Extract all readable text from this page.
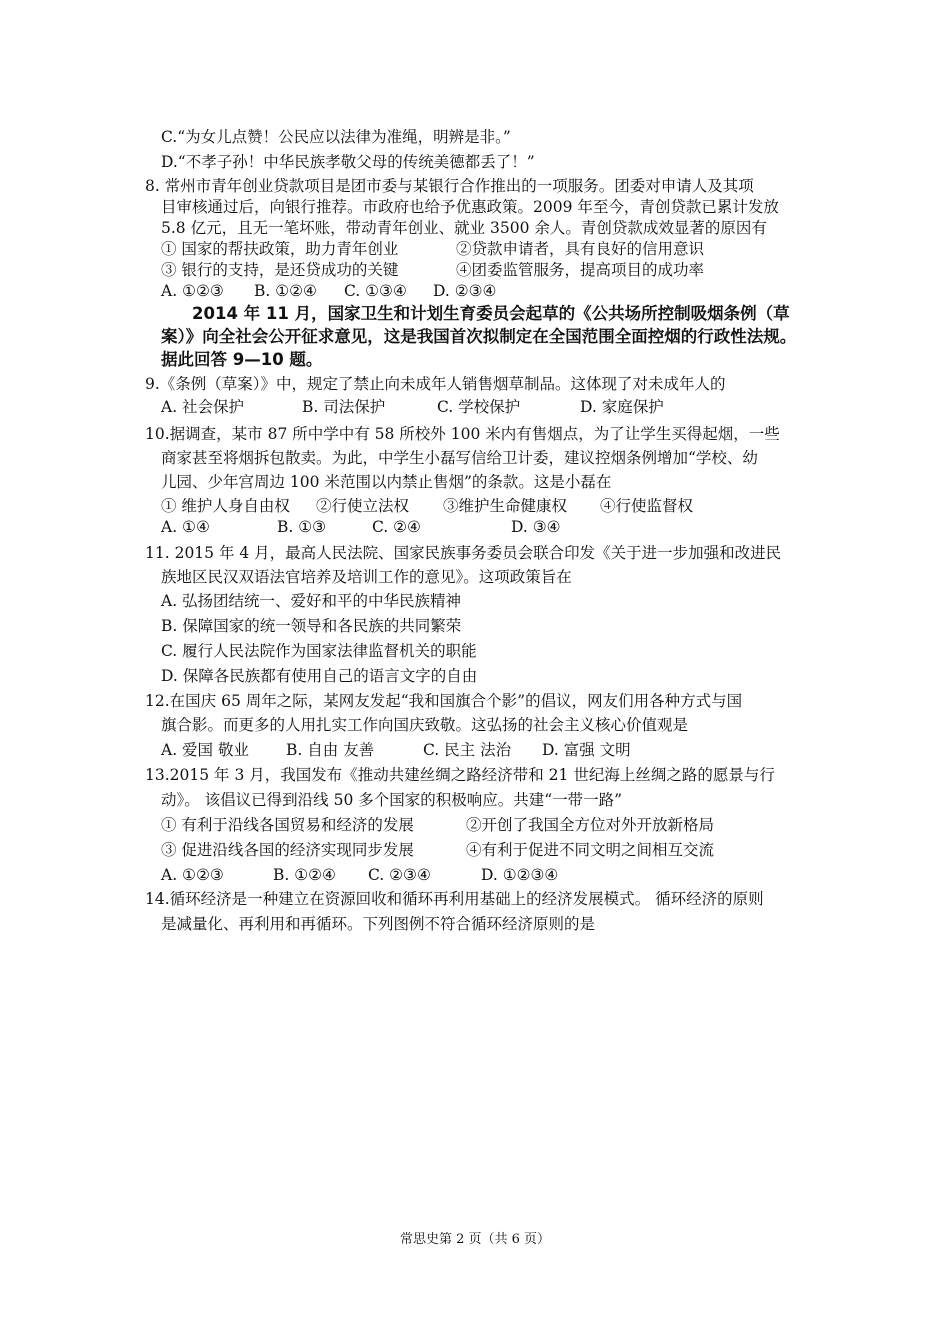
C.“为女儿点赞！公民应以法律为准绳，明辨是非。”
D.“不孝子孙！中华民族孝敬父母的传统美德都丢了！”
8. 常州市青年创业贷款项目是团市委与某银行合作推出的一项服务。团委对申请人及其项
目审核通过后，向银行推荐。市政府也给予优惠政策。2009 年至今，青创贷款已累计发放
5.8 亿元，且无一笔坏账，带动青年创业、就业 3500 余人。青创贷款成效显著的原因有
① 国家的帮扶政策，助力青年创业	②贷款申请者，具有良好的信用意识
③ 银行的支持，是还贷成功的关键	④团委监管服务，提高项目的成功率
A. ①②③ B. ①②④ C. ①③④ D. ②③④
2014 年 11 月，国家卫生和计划生育委员会起草的《公共场所控制吸烟条例（草
案）》向全社会公开征求意见，这是我国首次拟制定在全国范围全面控烟的行政性法规。
据此回答 9—10 题。
9.《条例（草案）》中，规定了禁止向未成年人销售烟草制品。这体现了对未成年人的
A. 社会保护	B. 司法保护	C. 学校保护	D. 家庭保护
10.据调查，某市 87 所中学中有 58 所校外 100 米内有售烟点，为了让学生买得起烟，一些
商家甚至将烟拆包散卖。为此，中学生小磊写信给卫计委，建议控烟条例增加“学校、幼
儿园、少年宫周边 100 米范围以内禁止售烟”的条款。这是小磊在
① 维护人身自由权 ②行使立法权 ③维护生命健康权 ④行使监督权
A. ①④	B. ①③	C. ②④	D. ③④
11. 2015 年 4 月，最高人民法院、国家民族事务委员会联合印发《关于进一步加强和改进民
族地区民汉双语法官培养及培训工作的意见》。这项政策旨在
A. 弘扬团结统一、爱好和平的中华民族精神
B. 保障国家的统一领导和各民族的共同繁荣
C. 履行人民法院作为国家法律监督机关的职能
D. 保障各民族都有使用自己的语言文字的自由
12.在国庆 65 周年之际，某网友发起“我和国旗合个影”的倡议，网友们用各种方式与国
旗合影。而更多的人用扎实工作向国庆致敬。这弘扬的社会主义核心价值观是
A. 爱国 敬业 B. 自由 友善	C. 民主 法治 D. 富强 文明
13.2015 年 3 月，我国发布《推动共建丝绸之路经济带和 21 世纪海上丝绸之路的愿景与行
动》。 该倡议已得到沿线 50 多个国家的积极响应。共建“一带一路”
① 有利于沿线各国贸易和经济的发展	②开创了我国全方位对外开放新格局
③ 促进沿线各国的经济实现同步发展	④有利于促进不同文明之间相互交流
A. ①②③	B. ①②④ C. ②③④	D. ①②③④
14.循环经济是一种建立在资源回收和循环再利用基础上的经济发展模式。 循环经济的原则
是减量化、再利用和再循环。下列图例不符合循环经济原则的是
常思史第 2 页（共 6 页）
